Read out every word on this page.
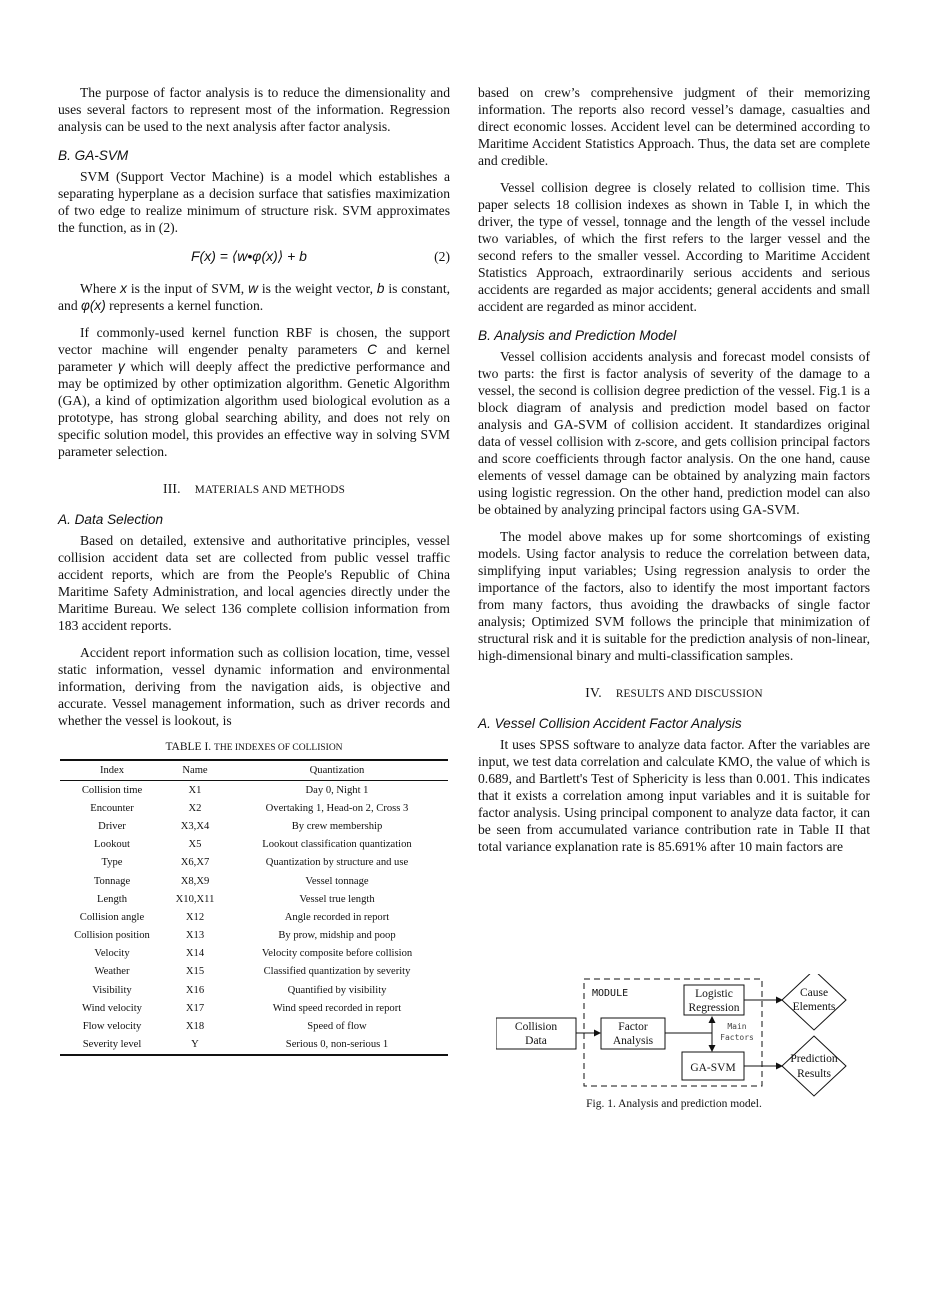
The purpose of factor analysis is to reduce the dimensionality and uses several factors to represent most of the information. Regression analysis can be used to the next analysis after factor analysis.

B. GA-SVM

SVM (Support Vector Machine) is a model which establishes a separating hyperplane as a decision surface that satisfies maximization of two edge to realize minimum of structure risk. SVM approximates the function, as in (2).

F(x) = ⟨w•φ(x)⟩ + b	(2)

Where x is the input of SVM, w is the weight vector, b is constant, and φ(x) represents a kernel function.

If commonly-used kernel function RBF is chosen, the support vector machine will engender penalty parameters C and kernel parameter γ which will deeply affect the predictive performance and may be optimized by other optimization algorithm. Genetic Algorithm (GA), a kind of optimization algorithm used biological evolution as a prototype, has strong global searching ability, and does not rely on specific solution model, this provides an effective way in solving SVM parameter selection.

III. MATERIALS AND METHODS
A. Data Selection

Based on detailed, extensive and authoritative principles, vessel collision accident data set are collected from public vessel traffic accident reports, which are from the People's Republic of China Maritime Safety Administration, and local agencies directly under the Maritime Bureau. We select 136 complete collision information from 183 accident reports.

Accident report information such as collision location, time, vessel static information, vessel dynamic information and environmental information, deriving from the navigation aids, is objective and accurate. Vessel management information, such as driver records and whether the vessel is lookout, is

TABLE I. THE INDEXES OF COLLISION
Index	Name	Quantization
Collision time	X1	Day 0, Night 1
Encounter	X2	Overtaking 1, Head-on 2, Cross 3
Driver	X3,X4	By crew membership
Lookout	X5	Lookout classification quantization
Type	X6,X7	Quantization by structure and use
Tonnage	X8,X9	Vessel tonnage
Length	X10,X11	Vessel true length
Collision angle	X12	Angle recorded in report
Collision position	X13	By prow, midship and poop
Velocity	X14	Velocity composite before collision
Weather	X15	Classified quantization by severity
Visibility	X16	Quantified by visibility
Wind velocity	X17	Wind speed recorded in report
Flow velocity	X18	Speed of flow
Severity level	Y	Serious 0, non-serious 1

based on crew’s comprehensive judgment of their memorizing information. The reports also record vessel’s damage, casualties and direct economic losses. Accident level can be determined according to Maritime Accident Statistics Approach. Thus, the data set are complete and credible.

Vessel collision degree is closely related to collision time. This paper selects 18 collision indexes as shown in Table I, in which the driver, the type of vessel, tonnage and the length of the vessel include two variables, of which the first refers to the larger vessel and the second refers to the smaller vessel. According to Maritime Accident Statistics Approach, extraordinarily serious accidents and serious accidents are regarded as major accidents; general accidents and small accident are regarded as minor accident.

B. Analysis and Prediction Model

Vessel collision accidents analysis and forecast model consists of two parts: the first is factor analysis of severity of the damage to a vessel, the second is collision degree prediction of the vessel. Fig.1 is a block diagram of analysis and prediction model based on factor analysis and GA-SVM of collision accident. It standardizes original data of vessel collision with z-score, and gets collision principal factors and score coefficients through factor analysis. On the one hand, cause elements of vessel damage can be obtained by analyzing main factors using logistic regression. On the other hand, prediction model can also be obtained by analyzing principal factors using GA-SVM.

The model above makes up for some shortcomings of existing models. Using factor analysis to reduce the correlation between data, simplifying input variables; Using regression analysis to order the importance of the factors, also to identify the most important factors from many factors, thus avoiding the drawbacks of single factor analysis; Optimized SVM follows the principle that minimization of structural risk and it is suitable for the prediction analysis of non-linear, high-dimensional binary and multi-classification samples.

IV. RESULTS AND DISCUSSION
A. Vessel Collision Accident Factor Analysis

It uses SPSS software to analyze data factor. After the variables are input, we test data correlation and calculate KMO, the value of which is 0.689, and Bartlett's Test of Sphericity is less than 0.001. This indicates that it exists a correlation among input variables and it is suitable for factor analysis. Using principal component to analyze data factor, it can be seen from accumulated variance contribution rate in Table II that total variance explanation rate is 85.691% after 10 main factors are

MODULE
Collision
Data
Factor
Analysis
Logistic
Regression
GA-SVM
Main
Factors
Cause
Elements
Prediction
Results
Fig. 1. Analysis and prediction model.
